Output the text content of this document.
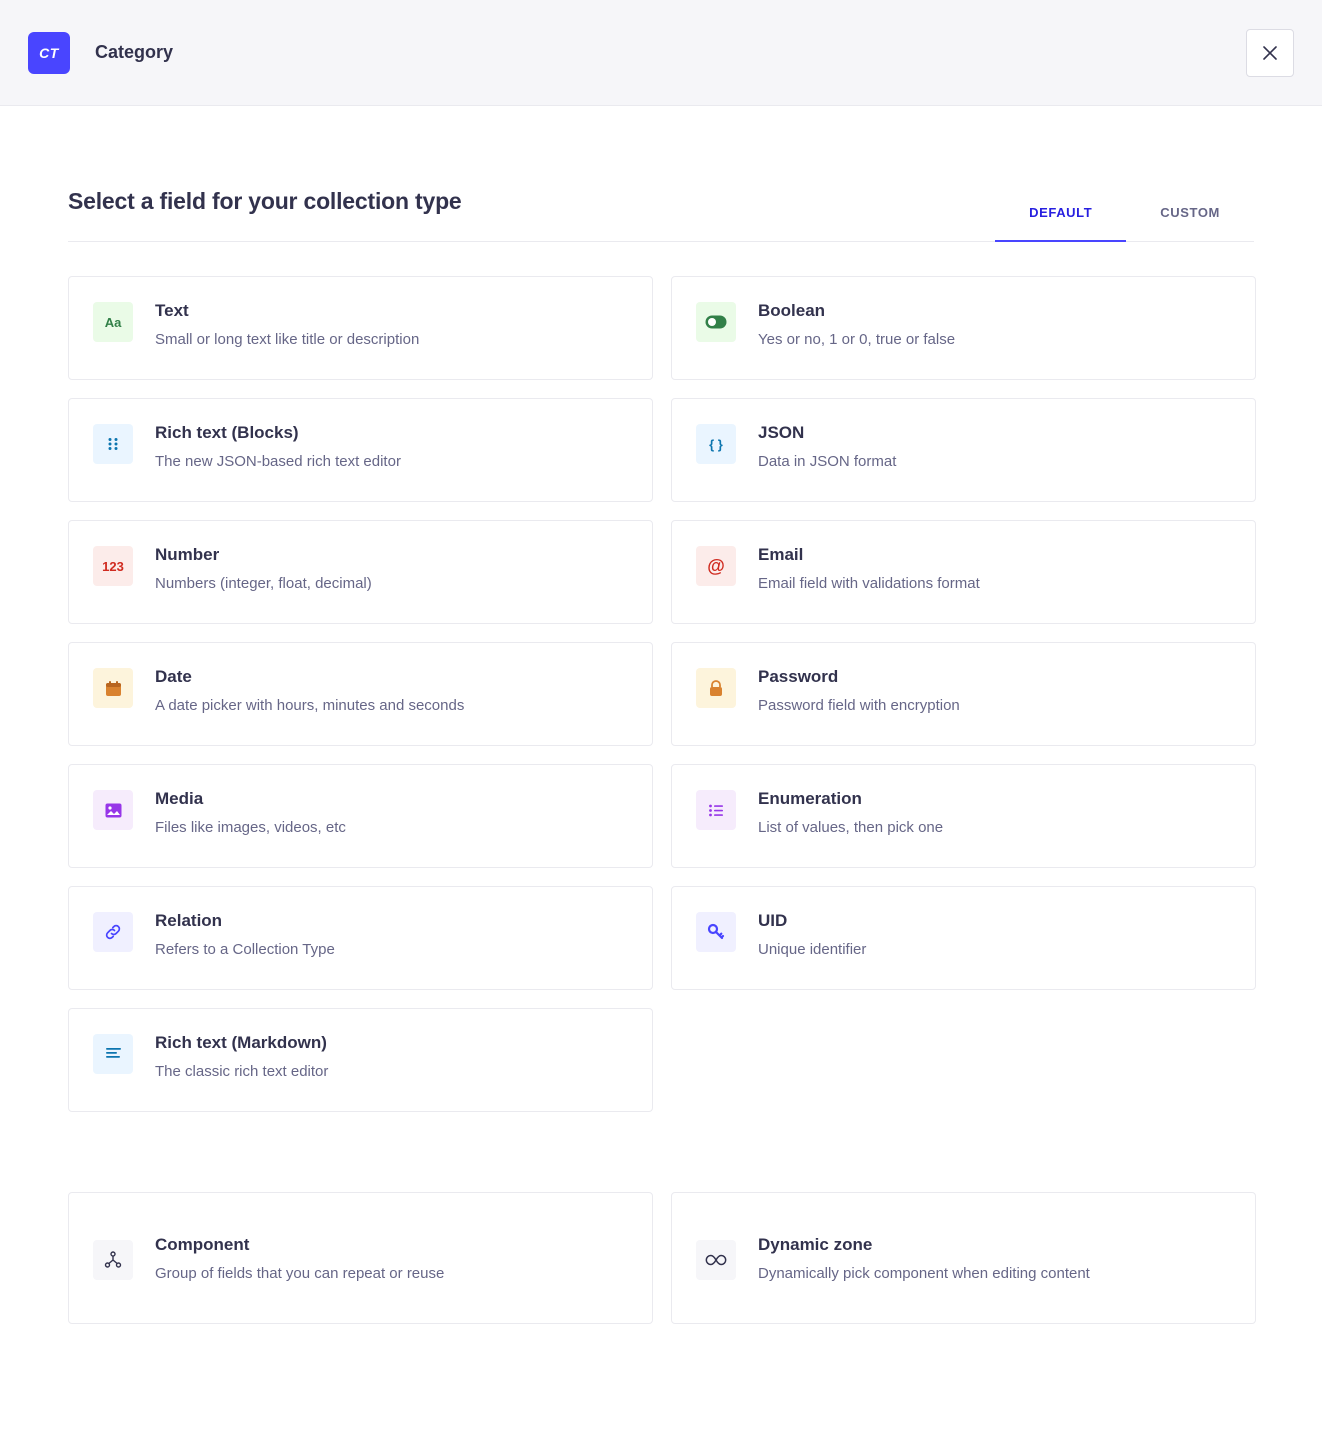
CT	Category
Select a field for your collection type	DEFAULT	CUSTOM
Aa
Text
Small or long text like title or description
Boolean
Yes or no, 1 or 0, true or false
Rich text (Blocks)
The new JSON-based rich text editor
{ }
JSON
Data in JSON format
123
Number
Numbers (integer, float, decimal)
@
Email
Email field with validations format
Date
A date picker with hours, minutes and seconds
Password
Password field with encryption
Media
Files like images, videos, etc
Enumeration
List of values, then pick one
Relation
Refers to a Collection Type
UID
Unique identifier
Rich text (Markdown)
The classic rich text editor
Component
Group of fields that you can repeat or reuse
Dynamic zone
Dynamically pick component when editing content
